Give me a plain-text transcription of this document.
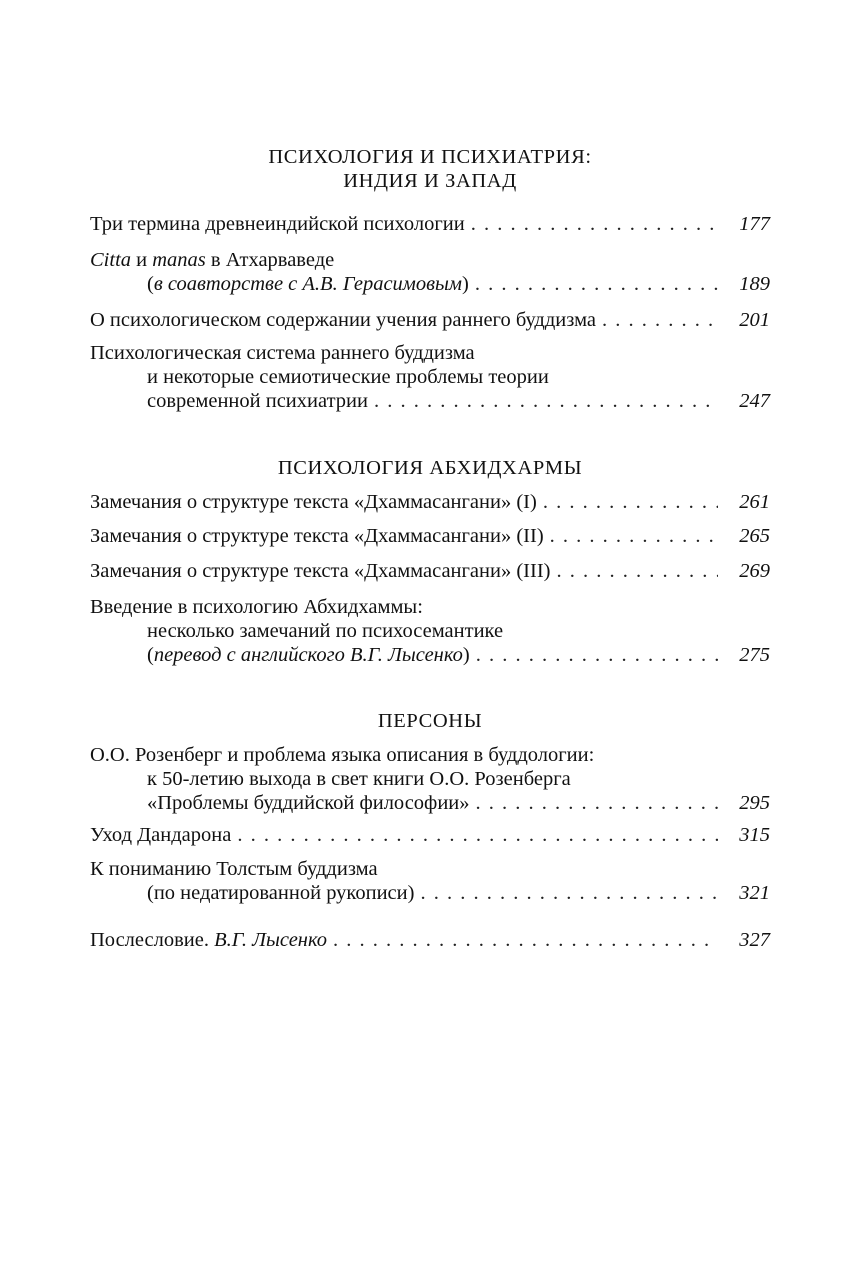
ПСИХОЛОГИЯ И ПСИХИАТРИЯ:
ИНДИЯ И ЗАПАД
Три термина древнеиндийской психологии . . .	177
Citta и manas в Атхарваведе
(в соавторстве с А.В. Герасимовым) . . .	189
О психологическом содержании учения раннего буддизма . . .	201
Психологическая система раннего буддизма
и некоторые семиотические проблемы теории
современной психиатрии . . .	247
ПСИХОЛОГИЯ АБХИДХАРМЫ
Замечания о структуре текста «Дхаммасангани» (I) . . .	261
Замечания о структуре текста «Дхаммасангани» (II) . . .	265
Замечания о структуре текста «Дхаммасангани» (III) . . .	269
Введение в психологию Абхидхаммы:
несколько замечаний по психосемантике
(перевод с английского В.Г. Лысенко) . . .	275
ПЕРСОНЫ
О.О. Розенберг и проблема языка описания в буддологии:
к 50-летию выхода в свет книги О.О. Розенберга
«Проблемы буддийской философии» . . .	295
Уход Дандарона . . .	315
К пониманию Толстым буддизма
(по недатированной рукописи) . . .	321
Послесловие. В.Г. Лысенко . . .	327
